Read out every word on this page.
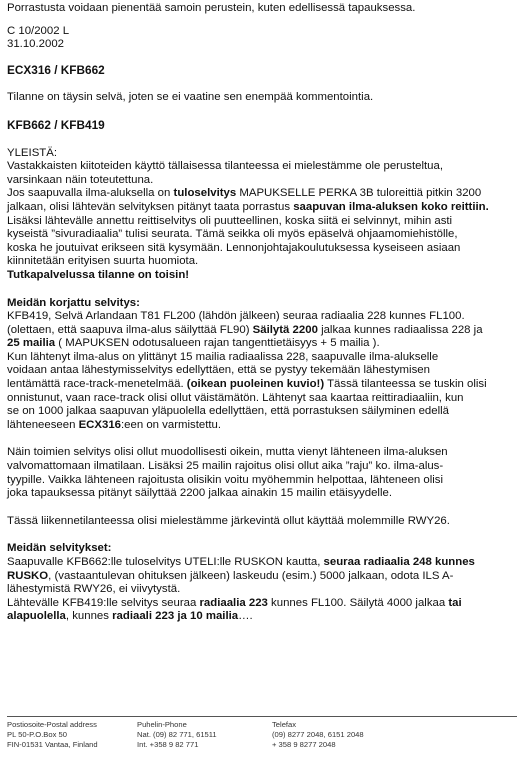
Porrastusta voidaan pienentää samoin perustein, kuten edellisessä tapauksessa.

C 10/2002 L

31.10.2002

ECX316 / KFB662

Tilanne on täysin selvä, joten se ei vaatine sen enempää kommentointia.

KFB662 / KFB419

YLEISTÄ:

Vastakkaisten kiitoteiden käyttö tällaisessa tilanteessa ei mielestämme ole perusteltua,

varsinkaan näin toteutettuna.

Jos saapuvalla ilma-aluksella on tuloselvitys MAPUKSELLE PERKA 3B tuloreittiä pitkin 3200

jalkaan, olisi lähtevän selvityksen pitänyt taata porrastus saapuvan ilma-aluksen koko reittiin.

Lisäksi lähtevälle annettu reittiselvitys oli puutteellinen, koska siitä ei selvinnyt, mihin asti

kyseistä ”sivuradiaalia” tulisi seurata. Tämä seikka oli myös epäselvä ohjaamomiehistölle,

koska he joutuivat erikseen sitä kysymään. Lennonjohtajakoulutuksessa kyseiseen asiaan

kiinnitetään erityisen suurta huomiota.

Tutkapalvelussa tilanne on toisin!

Meidän korjattu selvitys:

KFB419, Selvä Arlandaan T81 FL200 (lähdön jälkeen) seuraa radiaalia 228 kunnes FL100.

(olettaen, että saapuva ilma-alus säilyttää FL90) Säilytä 2200 jalkaa kunnes radiaalissa 228 ja

25 mailia ( MAPUKSEN odotusalueen rajan tangenttietäisyys + 5 mailia ).

Kun lähtenyt ilma-alus on ylittänyt 15 mailia radiaalissa 228, saapuvalle ilma-alukselle

voidaan antaa lähestymisselvitys edellyttäen, että se pystyy tekemään lähestymisen

lentämättä race-track-menetelmää. (oikean puoleinen kuvio!) Tässä tilanteessa se tuskin olisi

onnistunut, vaan race-track olisi ollut väistämätön. Lähtenyt saa kaartaa reittiradiaaliin, kun

se on 1000 jalkaa saapuvan yläpuolella edellyttäen, että porrastuksen säilyminen edellä

lähteneeseen ECX316:een on varmistettu.

Näin toimien selvitys olisi ollut muodollisesti oikein, mutta vienyt lähteneen ilma-aluksen

valvomattomaan ilmatilaan. Lisäksi 25 mailin rajoitus olisi ollut aika ”raju” ko. ilma-alus-

tyypille. Vaikka lähteneen rajoitusta olisikin voitu myöhemmin helpottaa, lähteneen olisi

joka tapauksessa pitänyt säilyttää 2200 jalkaa ainakin 15 mailin etäisyydelle.

Tässä liikennetilanteessa olisi mielestämme järkevintä ollut käyttää molemmille RWY26.

Meidän selvitykset:

Saapuvalle KFB662:lle tuloselvitys UTELI:lle RUSKON kautta, seuraa radiaalia 248 kunnes

RUSKO, (vastaantulevan ohituksen jälkeen) laskeudu (esim.) 5000 jalkaan, odota ILS A-

lähestymistä RWY26, ei viivytystä.

Lähtevälle KFB419:lle selvitys seuraa radiaalia 223 kunnes FL100. Säilytä 4000 jalkaa tai

alapuolella, kunnes radiaali 223 ja 10 mailia….

Postiosoite-Postal address
PL 50-P.O.Box 50
FIN-01531 Vantaa, Finland
Puhelin-Phone
Nat. (09) 82 771, 61511
Int. +358 9 82 771
Telefax
(09) 8277 2048, 6151 2048
+ 358 9 8277 2048
